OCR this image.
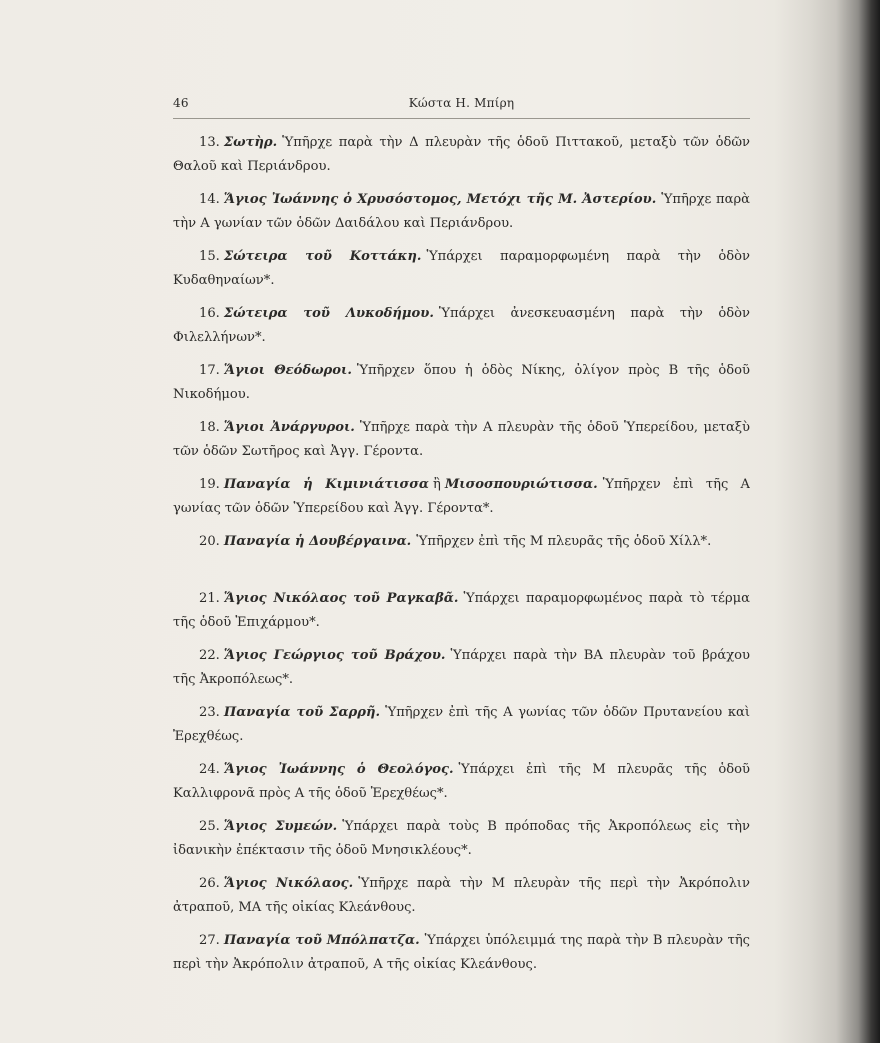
46	Κώστα Η. Μπίρη

13. Σωτὴρ. Ὑπῆρχε παρὰ τὴν Δ πλευρὰν τῆς ὁδοῦ Πιττακοῦ, μεταξὺ τῶν ὁδῶν Θαλοῦ καὶ Περιάνδρου.

14. Ἅγιος Ἰωάννης ὁ Χρυσόστομος, Μετόχι τῆς Μ. Ἀστερίου. Ὑπῆρχε παρὰ τὴν Α γωνίαν τῶν ὁδῶν Δαιδάλου καὶ Περιάνδρου.

15. Σώτειρα τοῦ Κοττάκη. Ὑπάρχει παραμορφωμένη παρὰ τὴν ὁδὸν Κυδαθηναίων*.

16. Σώτειρα τοῦ Λυκοδήμου. Ὑπάρχει ἀνεσκευασμένη παρὰ τὴν ὁδὸν Φιλελλήνων*.

17. Ἅγιοι Θεόδωροι. Ὑπῆρχεν ὅπου ἡ ὁδὸς Νίκης, ὀλίγον πρὸς Β τῆς ὁδοῦ Νικοδήμου.

18. Ἅγιοι Ἀνάργυροι. Ὑπῆρχε παρὰ τὴν Α πλευρὰν τῆς ὁδοῦ Ὑπερείδου, μεταξὺ τῶν ὁδῶν Σωτῆρος καὶ Ἀγγ. Γέροντα.

19. Παναγία ἡ Κιμινιάτισσα ἢ Μισοσπουριώτισσα. Ὑπῆρχεν ἐπὶ τῆς Α γωνίας τῶν ὁδῶν Ὑπερείδου καὶ Ἀγγ. Γέροντα*.

20. Παναγία ἡ Δουβέργαινα. Ὑπῆρχεν ἐπὶ τῆς Μ πλευρᾶς τῆς ὁδοῦ Χίλλ*.

21. Ἅγιος Νικόλαος τοῦ Ραγκαβᾶ. Ὑπάρχει παραμορφωμένος παρὰ τὸ τέρμα τῆς ὁδοῦ Ἐπιχάρμου*.

22. Ἅγιος Γεώργιος τοῦ Βράχου. Ὑπάρχει παρὰ τὴν ΒΑ πλευρὰν τοῦ βράχου τῆς Ἀκροπόλεως*.

23. Παναγία τοῦ Σαρρῆ. Ὑπῆρχεν ἐπὶ τῆς Α γωνίας τῶν ὁδῶν Πρυτανείου καὶ Ἐρεχθέως.

24. Ἅγιος Ἰωάννης ὁ Θεολόγος. Ὑπάρχει ἐπὶ τῆς Μ πλευρᾶς τῆς ὁδοῦ Καλλιφρονᾶ πρὸς Α τῆς ὁδοῦ Ἐρεχθέως*.

25. Ἅγιος Συμεών. Ὑπάρχει παρὰ τοὺς Β πρόποδας τῆς Ἀκροπόλεως εἰς τὴν ἰδανικὴν ἐπέκτασιν τῆς ὁδοῦ Μνησικλέους*.

26. Ἅγιος Νικόλαος. Ὑπῆρχε παρὰ τὴν Μ πλευρὰν τῆς περὶ τὴν Ἀκρόπολιν ἀτραποῦ, ΜΑ τῆς οἰκίας Κλεάνθους.

27. Παναγία τοῦ Μπόλπατζα. Ὑπάρχει ὑπόλειμμά της παρὰ τὴν Β πλευρὰν τῆς περὶ τὴν Ἀκρόπολιν ἀτραποῦ, Α τῆς οἰκίας Κλεάνθους.
